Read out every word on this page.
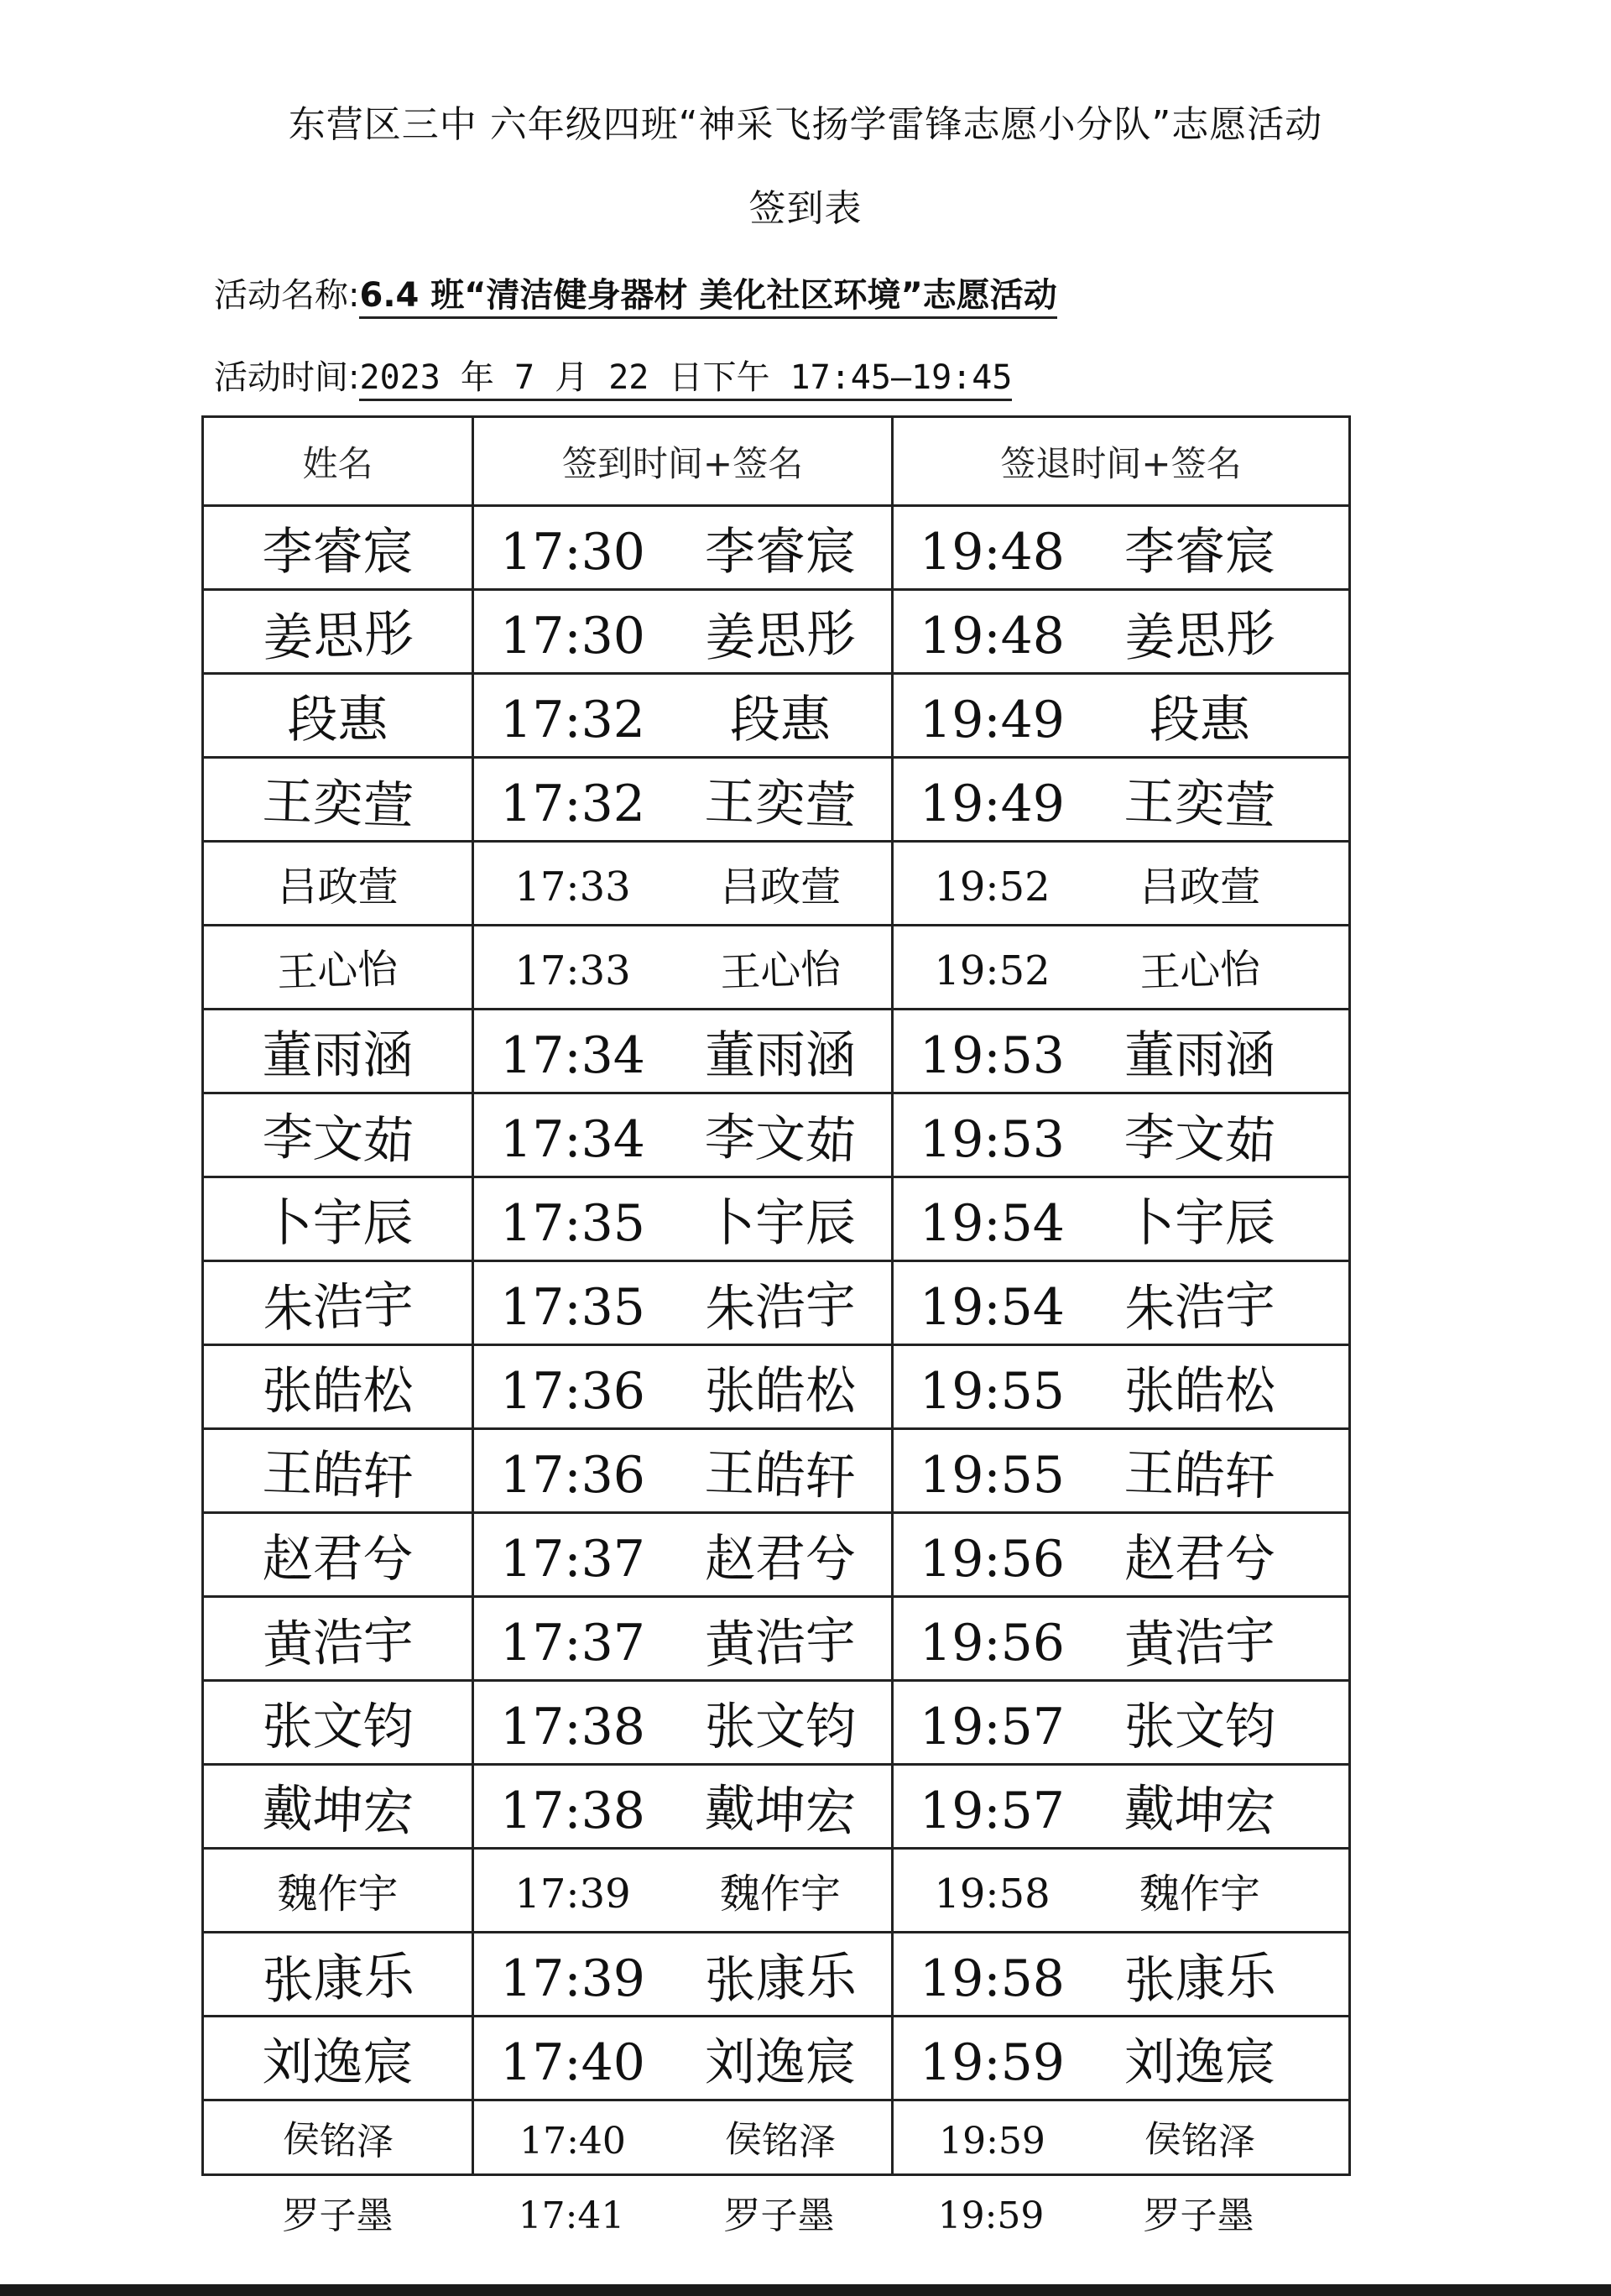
东营区三中 六年级四班“神采飞扬学雷锋志愿小分队”志愿活动
签到表
活动名称:6.4 班“清洁健身器材 美化社区环境”志愿活动
活动时间:2023 年 7 月 22 日下午 17:45—19:45
姓名	签到时间+签名	签退时间+签名
李睿宸	17:30 李睿宸	19:48 李睿宸
姜思彤	17:30 姜思彤	19:48 姜思彤
段惠	17:32 段惠	19:49 段惠
王奕萱	17:32 王奕萱	19:49 王奕萱
吕政萱	17:33 吕政萱	19:52 吕政萱
王心怡	17:33 王心怡	19:52 王心怡
董雨涵	17:34 董雨涵	19:53 董雨涵
李文茹	17:34 李文茹	19:53 李文茹
卜宇辰	17:35 卜宇辰	19:54 卜宇辰
朱浩宇	17:35 朱浩宇	19:54 朱浩宇
张皓松	17:36 张皓松	19:55 张皓松
王皓轩	17:36 王皓轩	19:55 王皓轩
赵君兮	17:37 赵君兮	19:56 赵君兮
黄浩宇	17:37 黄浩宇	19:56 黄浩宇
张文钧	17:38 张文钧	19:57 张文钧
戴坤宏	17:38 戴坤宏	19:57 戴坤宏
魏作宇	17:39 魏作宇	19:58 魏作宇
张康乐	17:39 张康乐	19:58 张康乐
刘逸宸	17:40 刘逸宸	19:59 刘逸宸
侯铭泽	17:40 侯铭泽	19:59 侯铭泽
罗子墨	17:41 罗子墨	19:59 罗子墨
